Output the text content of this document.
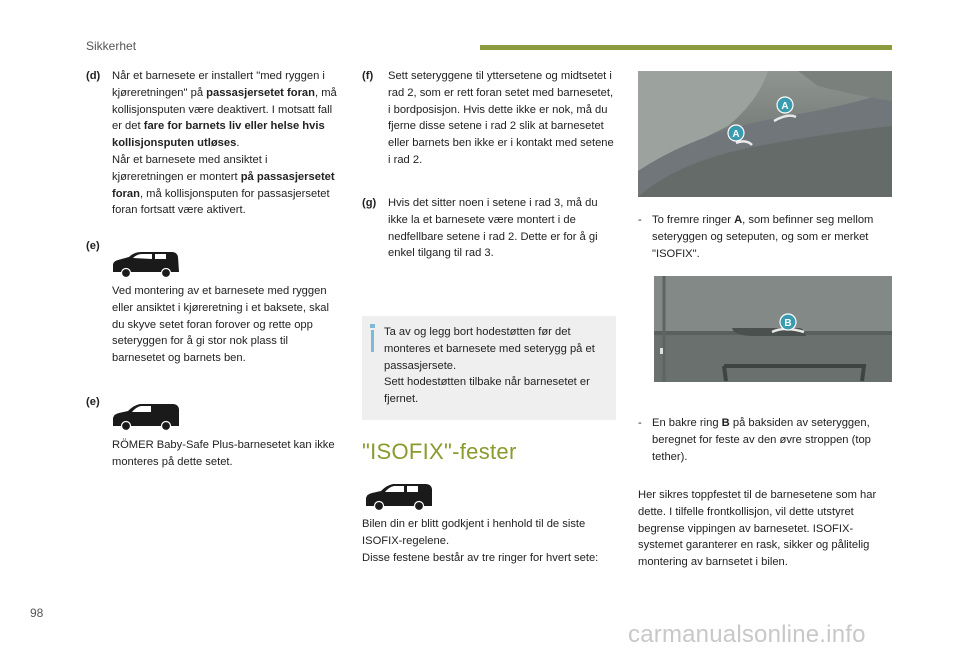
Sikkerhet
(d)	Når et barnesete er installert "med ryggen i kjøreretningen" på passasjersetet foran, må kollisjonsputen være deaktivert. I motsatt fall er det fare for barnets liv eller helse hvis kollisjonsputen utløses.
Når et barnesete med ansiktet i kjøreretningen er montert på passasjersetet foran, må kollisjonsputen for passasjersetet foran fortsatt være aktivert.
(e)
Ved montering av et barnesete med ryggen eller ansiktet i kjøreretning i et baksete, skal du skyve setet foran forover og rette opp seteryggen for å gi stor nok plass til barnesetet og barnets ben.
(e)
RÖMER Baby-Safe Plus-barnesetet kan ikke monteres på dette setet.
(f)	Sett seteryggene til yttersetene og midtsetet i rad 2, som er rett foran setet med barnesetet, i bordposisjon. Hvis dette ikke er nok, må du fjerne disse setene i rad 2 slik at barnesetet eller barnets ben ikke er i kontakt med setene i rad 2.
(g)	Hvis det sitter noen i setene i rad 3, må du ikke la et barnesete være montert i de nedfellbare setene i rad 2. Dette er for å gi enkel tilgang til rad 3.
Ta av og legg bort hodestøtten før det monteres et barnesete med seterygg på et passasjersete.
Sett hodestøtten tilbake når barnesetet er fjernet.
"ISOFIX"-fester
Bilen din er blitt godkjent i henhold til de siste ISOFIX-regelene.
Disse festene består av tre ringer for hvert sete:
A
A
- To fremre ringer A, som befinner seg mellom seteryggen og seteputen, og som er merket "ISOFIX".
B
- En bakre ring B på baksiden av seteryggen, beregnet for feste av den øvre stroppen (top tether).
Her sikres toppfestet til de barnesetene som har dette. I tilfelle frontkollisjon, vil dette utstyret begrense vippingen av barnesetet. ISOFIX-systemet garanterer en rask, sikker og pålitelig montering av barnsetet i bilen.
98
carmanualsonline.info
